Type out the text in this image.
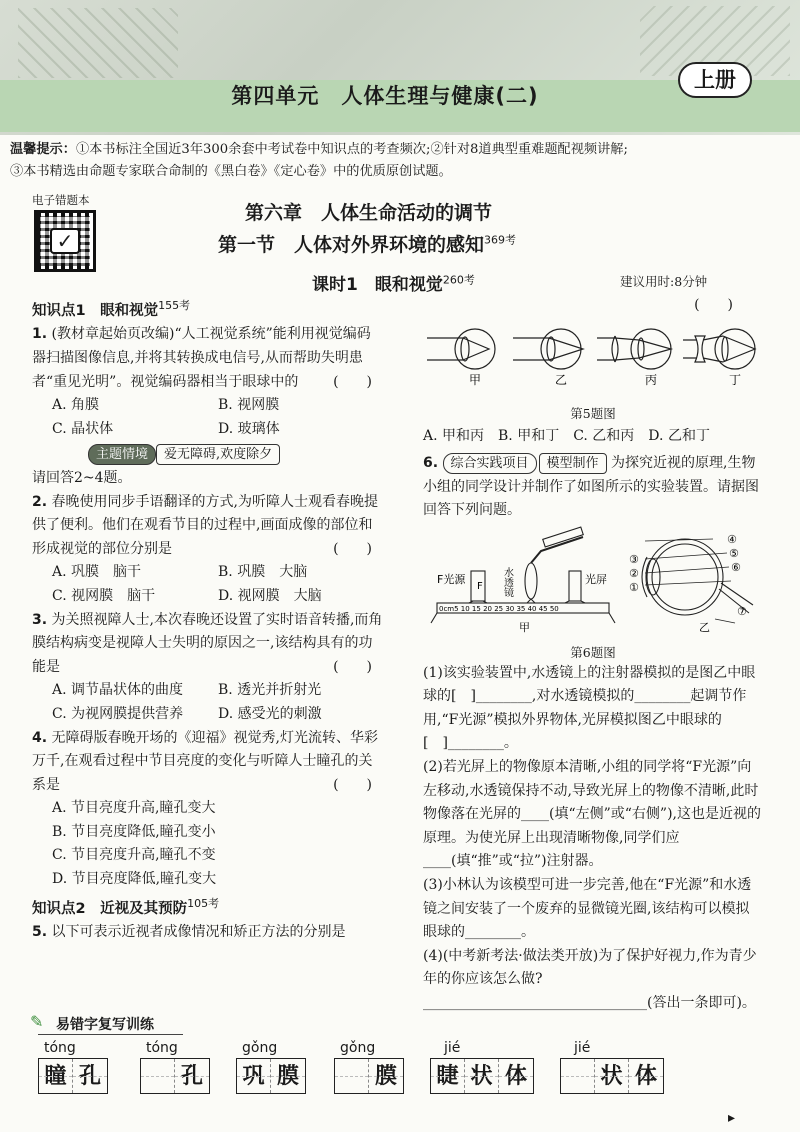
第四单元　人体生理与健康(二)
上册
温馨提示：①本书标注全国近3年300余套中考试卷中知识点的考查频次;②针对8道典型重难题配视频讲解;
③本书精选由命题专家联合命制的《黑白卷》《定心卷》中的优质原创试题。
电子错题本
✓
第六章　人体生命活动的调节
第一节　人体对外界环境的感知$^{369考}$
课时1　眼和视觉$^{260考}$	建议用时:8分钟
知识点1　眼和视觉$^{155考}$
1. (教材章起始页改编)“人工视觉系统”能利用视觉编码器扫描图像信息,并将其转换成电信号,从而帮助失明患者“重见光明”。视觉编码器相当于眼球中的 (　　)
A. 角膜	B. 视网膜
C. 晶状体	D. 玻璃体
主题情境 爱无障碍,欢度除夕
请回答2~4题。
2. 春晚使用同步手语翻译的方式,为听障人士观看春晚提供了便利。他们在观看节目的过程中,画面成像的部位和形成视觉的部位分别是	(　　)
A. 巩膜　脑干	B. 巩膜　大脑
C. 视网膜　脑干	D. 视网膜　大脑
3. 为关照视障人士,本次春晚还设置了实时语音转播,而角膜结构病变是视障人士失明的原因之一,该结构具有的功能是	(　　)
A. 调节晶状体的曲度	B. 透光并折射光
C. 为视网膜提供营养	D. 感受光的刺激
4. 无障碍版春晚开场的《迎福》视觉秀,灯光流转、华彩万千,在观看过程中节目亮度的变化与听障人士瞳孔的关系是	(　　)
A. 节目亮度升高,瞳孔变大
B. 节目亮度降低,瞳孔变小
C. 节目亮度升高,瞳孔不变
D. 节目亮度降低,瞳孔变大
知识点2　近视及其预防$^{105考}$
5. 以下可表示近视者成像情况和矫正方法的分别是
(　　)
甲	乙	丙	丁
第5题图
A. 甲和丙　B. 甲和丁　C. 乙和丙　D. 乙和丁
6. 综合实践项目 模型制作 为探究近视的原理,生物小组的同学设计并制作了如图所示的实验装置。请据图回答下列问题。
F光源
F 水透镜	光屏
0cm5 10 15 20 25 30 35 40 45 50
甲	乙
③
②
①
④
⑤
⑥
⑦
第6题图
(1)该实验装置中,水透镜上的注射器模拟的是图乙中眼球的[　]________,对水透镜模拟的________起调节作用,“F光源”模拟外界物体,光屏模拟图乙中眼球的[　]________。
(2)若光屏上的物像原本清晰,小组的同学将“F光源”向左移动,水透镜保持不动,导致光屏上的物像不清晰,此时物像落在光屏的____(填“左侧”或“右侧”),这也是近视的原理。为使光屏上出现清晰物像,同学们应____(填“推”或“拉”)注射器。
(3)小林认为该模型可进一步完善,他在“F光源”和水透镜之间安装了一个废弃的显微镜光圈,该结构可以模拟眼球的________。
(4)(中考新考法·做法类开放)为了保护好视力,作为青少年的你应该怎么做?________________________________(答出一条即可)。
✎ 易错字复写训练
tóng
瞳 孔
tóng
孔
gǒng
巩 膜
gǒng
膜
jié
睫 状 体
jié
状 体
▸
